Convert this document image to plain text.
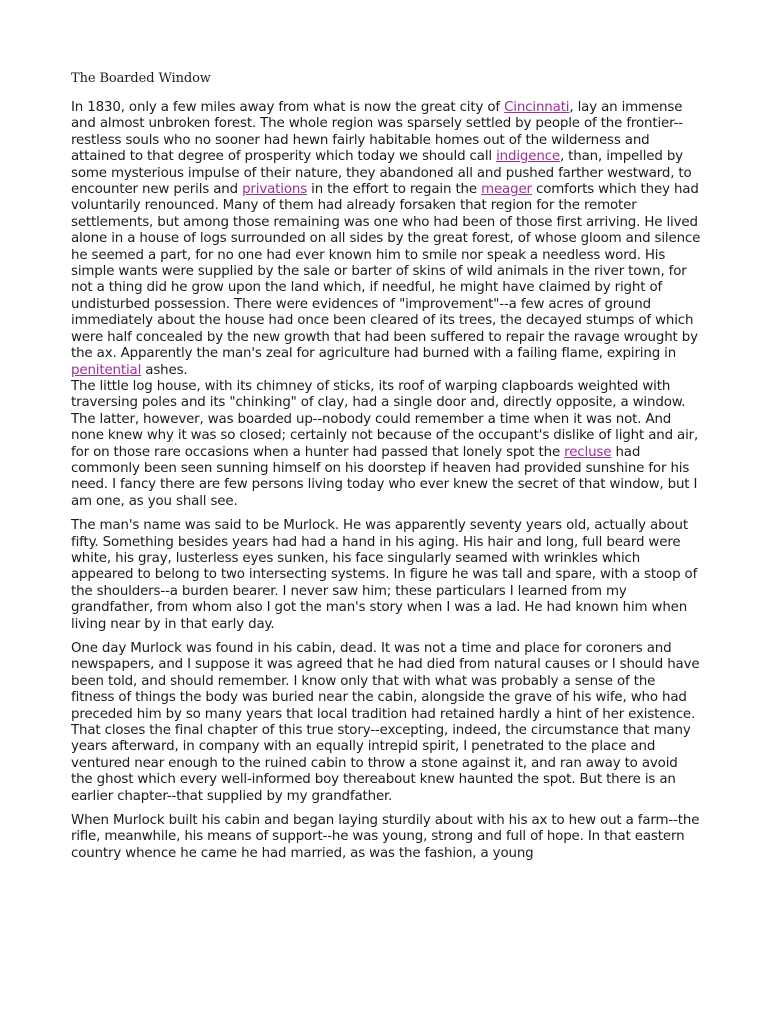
The Boarded Window

In 1830, only a few miles away from what is now the great city of Cincinnati, lay an immense and almost unbroken forest. The whole region was sparsely settled by people of the frontier--restless souls who no sooner had hewn fairly habitable homes out of the wilderness and attained to that degree of prosperity which today we should call indigence, than, impelled by some mysterious impulse of their nature, they abandoned all and pushed farther westward, to encounter new perils and privations in the effort to regain the meager comforts which they had voluntarily renounced. Many of them had already forsaken that region for the remoter settlements, but among those remaining was one who had been of those first arriving. He lived alone in a house of logs surrounded on all sides by the great forest, of whose gloom and silence he seemed a part, for no one had ever known him to smile nor speak a needless word. His simple wants were supplied by the sale or barter of skins of wild animals in the river town, for not a thing did he grow upon the land which, if needful, he might have claimed by right of undisturbed possession. There were evidences of "improvement"--a few acres of ground immediately about the house had once been cleared of its trees, the decayed stumps of which were half concealed by the new growth that had been suffered to repair the ravage wrought by the ax. Apparently the man's zeal for agriculture had burned with a failing flame, expiring in penitential ashes.

The little log house, with its chimney of sticks, its roof of warping clapboards weighted with traversing poles and its "chinking" of clay, had a single door and, directly opposite, a window. The latter, however, was boarded up--nobody could remember a time when it was not. And none knew why it was so closed; certainly not because of the occupant's dislike of light and air, for on those rare occasions when a hunter had passed that lonely spot the recluse had commonly been seen sunning himself on his doorstep if heaven had provided sunshine for his need. I fancy there are few persons living today who ever knew the secret of that window, but I am one, as you shall see.

The man's name was said to be Murlock. He was apparently seventy years old, actually about fifty. Something besides years had had a hand in his aging. His hair and long, full beard were white, his gray, lusterless eyes sunken, his face singularly seamed with wrinkles which appeared to belong to two intersecting systems. In figure he was tall and spare, with a stoop of the shoulders--a burden bearer. I never saw him; these particulars I learned from my grandfather, from whom also I got the man's story when I was a lad. He had known him when living near by in that early day.

One day Murlock was found in his cabin, dead. It was not a time and place for coroners and newspapers, and I suppose it was agreed that he had died from natural causes or I should have been told, and should remember. I know only that with what was probably a sense of the fitness of things the body was buried near the cabin, alongside the grave of his wife, who had preceded him by so many years that local tradition had retained hardly a hint of her existence. That closes the final chapter of this true story--excepting, indeed, the circumstance that many years afterward, in company with an equally intrepid spirit, I penetrated to the place and ventured near enough to the ruined cabin to throw a stone against it, and ran away to avoid the ghost which every well-informed boy thereabout knew haunted the spot. But there is an earlier chapter--that supplied by my grandfather.

When Murlock built his cabin and began laying sturdily about with his ax to hew out a farm--the rifle, meanwhile, his means of support--he was young, strong and full of hope. In that eastern country whence he came he had married, as was the fashion, a young
